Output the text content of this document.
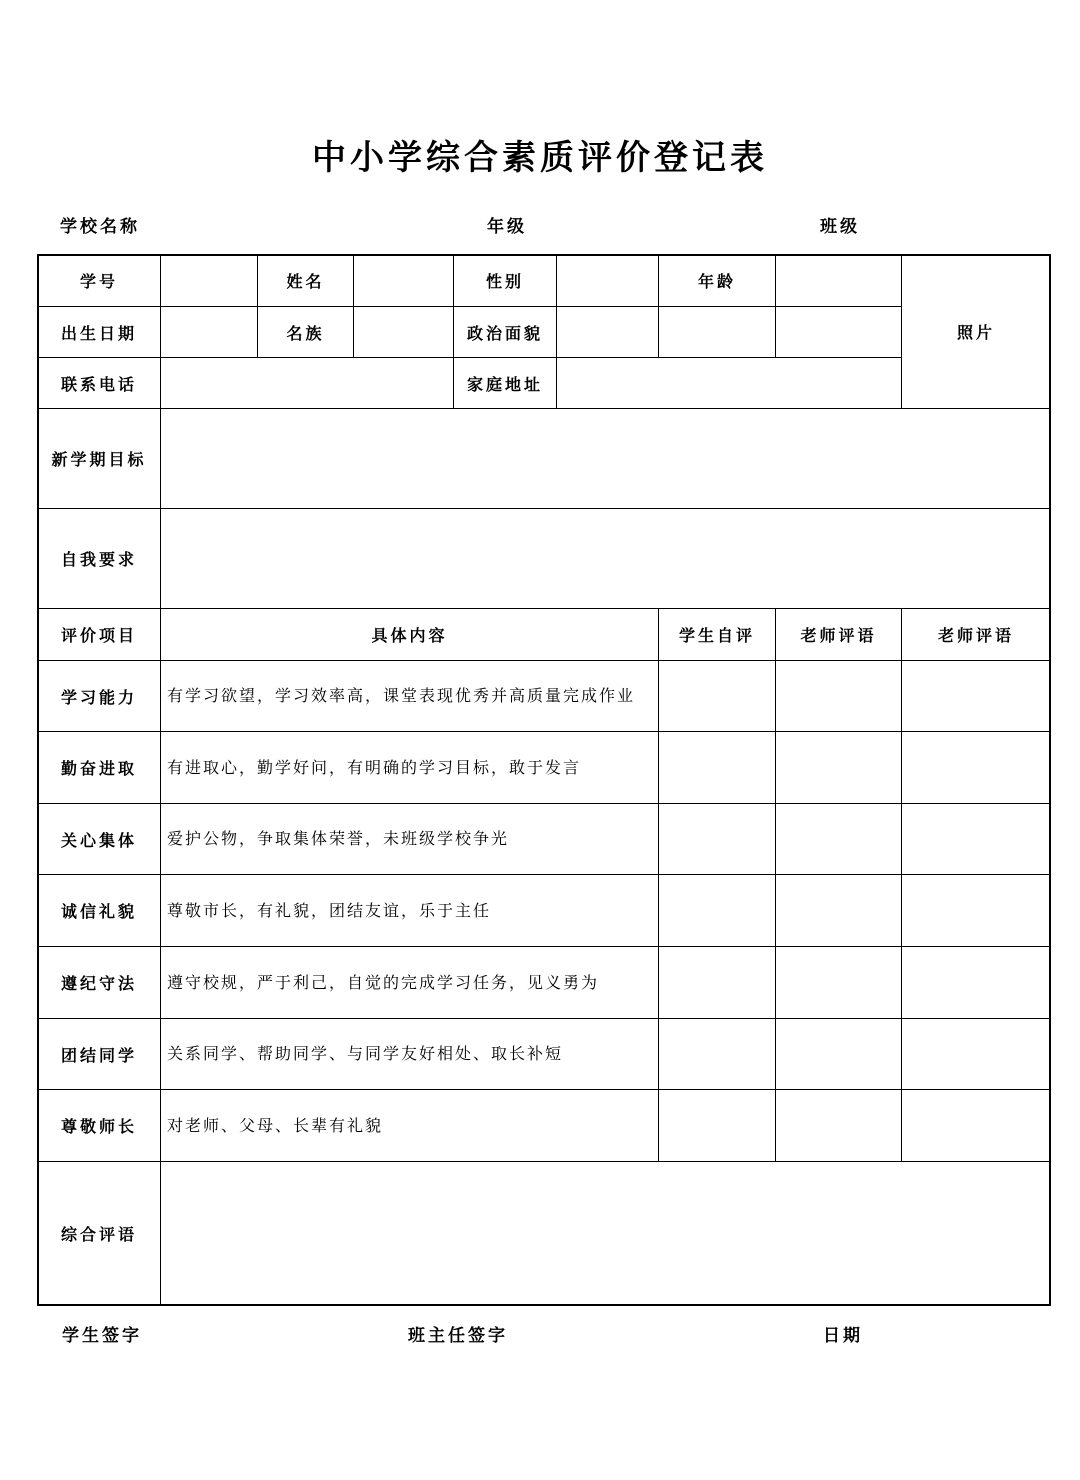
中小学综合素质评价登记表
学校名称	年级	班级
学号	姓名	性别	年龄
照片
出生日期	名族	政治面貌
联系电话	家庭地址
新学期目标
自我要求
评价项目	具体内容	学生自评	老师评语	老师评语
学习能力	有学习欲望，学习效率高，课堂表现优秀并高质量完成作业
勤奋进取	有进取心，勤学好问，有明确的学习目标，敢于发言
关心集体	爱护公物，争取集体荣誉，未班级学校争光
诚信礼貌	尊敬市长，有礼貌，团结友谊，乐于主任
遵纪守法	遵守校规，严于利己，自觉的完成学习任务，见义勇为
团结同学	关系同学、帮助同学、与同学友好相处、取长补短
尊敬师长	对老师、父母、长辈有礼貌
综合评语
学生签字	班主任签字	日期
